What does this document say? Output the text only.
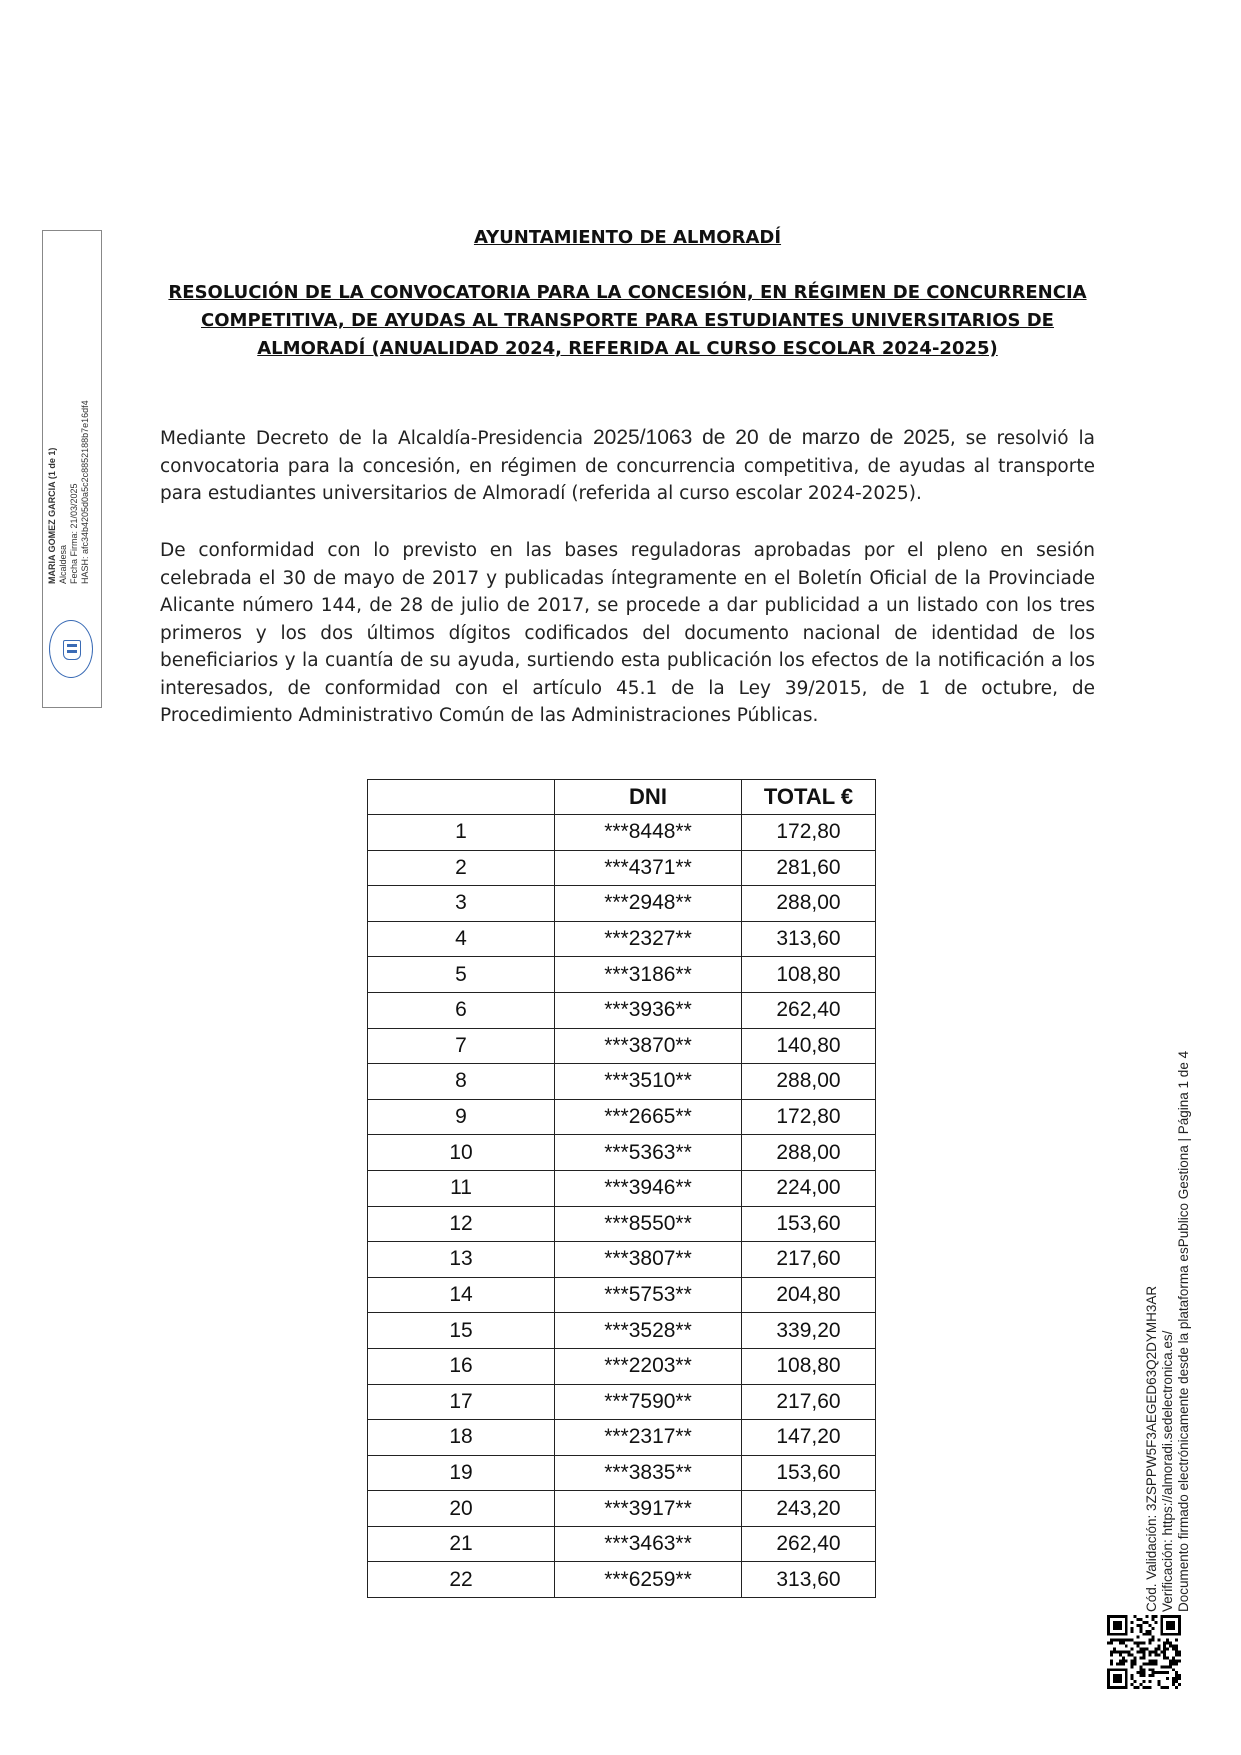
MARIA GOMEZ GARCIA (1 de 1) Alcaldesa Fecha Firma: 21/03/2025 HASH: afc34b4205d0a5c2c8852188b7e16df4
AYUNTAMIENTO DE ALMORADÍ
RESOLUCIÓN DE LA CONVOCATORIA PARA LA CONCESIÓN, EN RÉGIMEN DE CONCURRENCIA
COMPETITIVA, DE AYUDAS AL TRANSPORTE PARA ESTUDIANTES UNIVERSITARIOS DE
ALMORADÍ (ANUALIDAD 2024, REFERIDA AL CURSO ESCOLAR 2024-2025)
Mediante Decreto de la Alcaldía-Presidencia 2025/1063 de 20 de marzo de 2025, se resolvió la convocatoria para la concesión, en régimen de concurrencia competitiva, de ayudas al transporte para estudiantes universitarios de Almoradí (referida al curso escolar 2024-2025).
De conformidad con lo previsto en las bases reguladoras aprobadas por el pleno en sesión celebrada el 30 de mayo de 2017 y publicadas íntegramente en el Boletín Oficial de la Provinciade Alicante número 144, de 28 de julio de 2017, se procede a dar publicidad a un listado con los tres primeros y los dos últimos dígitos codificados del documento nacional de identidad de los beneficiarios y la cuantía de su ayuda, surtiendo esta publicación los efectos de la notificación a los interesados, de conformidad con el artículo 45.1 de la Ley 39/2015, de 1 de octubre, de Procedimiento Administrativo Común de las Administraciones Públicas.
	DNI	TOTAL €
1	***8448**	172,80
2	***4371**	281,60
3	***2948**	288,00
4	***2327**	313,60
5	***3186**	108,80
6	***3936**	262,40
7	***3870**	140,80
8	***3510**	288,00
9	***2665**	172,80
10	***5363**	288,00
11	***3946**	224,00
12	***8550**	153,60
13	***3807**	217,60
14	***5753**	204,80
15	***3528**	339,20
16	***2203**	108,80
17	***7590**	217,60
18	***2317**	147,20
19	***3835**	153,60
20	***3917**	243,20
21	***3463**	262,40
22	***6259**	313,60	Cód. Validación: 3ZSPPW5F3AEGED63Q2DYMH3AR Verificación: https://almoradi.sedelectronica.es/ Documento firmado electrónicamente desde la plataforma esPublico Gestiona | Página 1 de 4
